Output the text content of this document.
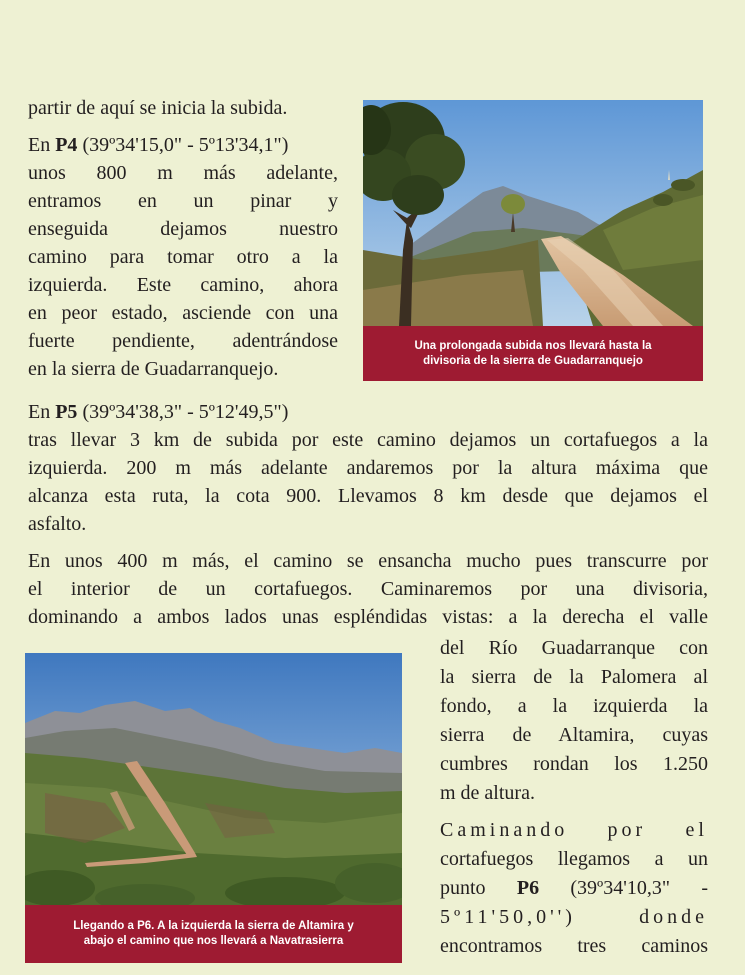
partir de aquí se inicia la subida.

En P4 (39º34'15,0" - 5º13'34,1")

unos 800 m más adelante,

entramos en un pinar y

enseguida dejamos nuestro

camino para tomar otro a la

izquierda. Este camino, ahora

en peor estado, asciende con una

fuerte pendiente, adentrándose

en la sierra de Guadarranquejo.

Una prolongada subida nos llevará hasta la
divisoria de la sierra de Guadarranquejo

En P5 (39º34'38,3" - 5º12'49,5")

tras llevar 3 km de subida por este camino dejamos un cortafuegos a la

izquierda. 200 m más adelante andaremos por la altura máxima que

alcanza esta ruta, la cota 900. Llevamos 8 km desde que dejamos el

asfalto.

En unos 400 m más, el camino se ensancha mucho pues transcurre por

el interior de un cortafuegos. Caminaremos por una divisoria,

dominando a ambos lados unas espléndidas vistas: a la derecha el valle

del Río Guadarranque con

la sierra de la Palomera al

fondo, a la izquierda la

sierra de Altamira, cuyas

cumbres rondan los 1.250

m de altura.

Caminando por el

cortafuegos llegamos a un

punto P6 (39º34'10,3" -

5º11'50,0'') donde

encontramos tres caminos

Llegando a P6. A la izquierda la sierra de Altamira y
abajo el camino que nos llevará a Navatrasierra
